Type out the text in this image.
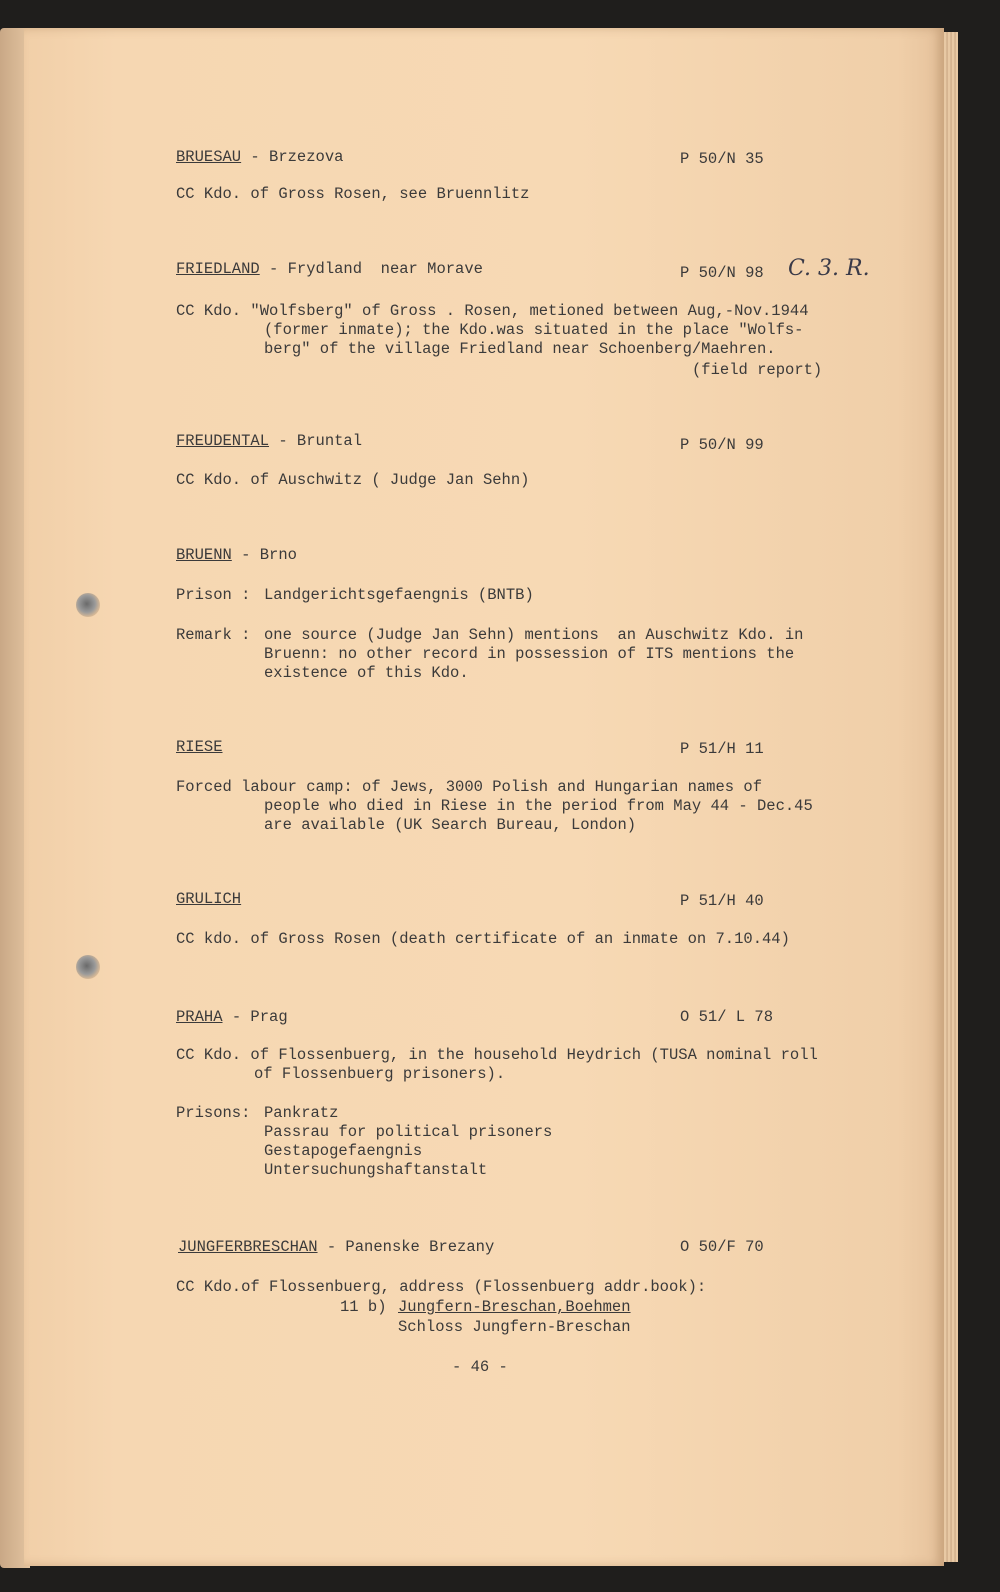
BRUESAU - Brzezova	P 50/N 35
CC Kdo. of Gross Rosen, see Bruennlitz
FRIEDLAND - Frydland  near Morave	P 50/N 98 C. 3. R.
CC Kdo. "Wolfsberg" of Gross . Rosen, metioned between Aug,-Nov.1944
(former inmate); the Kdo.was situated in the place "Wolfs-
berg" of the village Friedland near Schoenberg/Maehren.
(field report)
FREUDENTAL - Bruntal	P 50/N 99
CC Kdo. of Auschwitz ( Judge Jan Sehn)
BRUENN - Brno
Prison : Landgerichtsgefaengnis (BNTB)
Remark : one source (Judge Jan Sehn) mentions  an Auschwitz Kdo. in
Bruenn: no other record in possession of ITS mentions the
existence of this Kdo.
RIESE	P 51/H 11
Forced labour camp: of Jews, 3000 Polish and Hungarian names of
people who died in Riese in the period from May 44 - Dec.45
are available (UK Search Bureau, London)
GRULICH	P 51/H 40
CC kdo. of Gross Rosen (death certificate of an inmate on 7.10.44)
PRAHA - Prag	O 51/ L 78
CC Kdo. of Flossenbuerg, in the household Heydrich (TUSA nominal roll
of Flossenbuerg prisoners).
Prisons: Pankratz
Passrau for political prisoners
Gestapogefaengnis
Untersuchungshaftanstalt
JUNGFERBRESCHAN - Panenske Brezany	O 50/F 70
CC Kdo.of Flossenbuerg, address (Flossenbuerg addr.book):
11 b) Jungfern-Breschan,Boehmen
Schloss Jungfern-Breschan
- 46 -
